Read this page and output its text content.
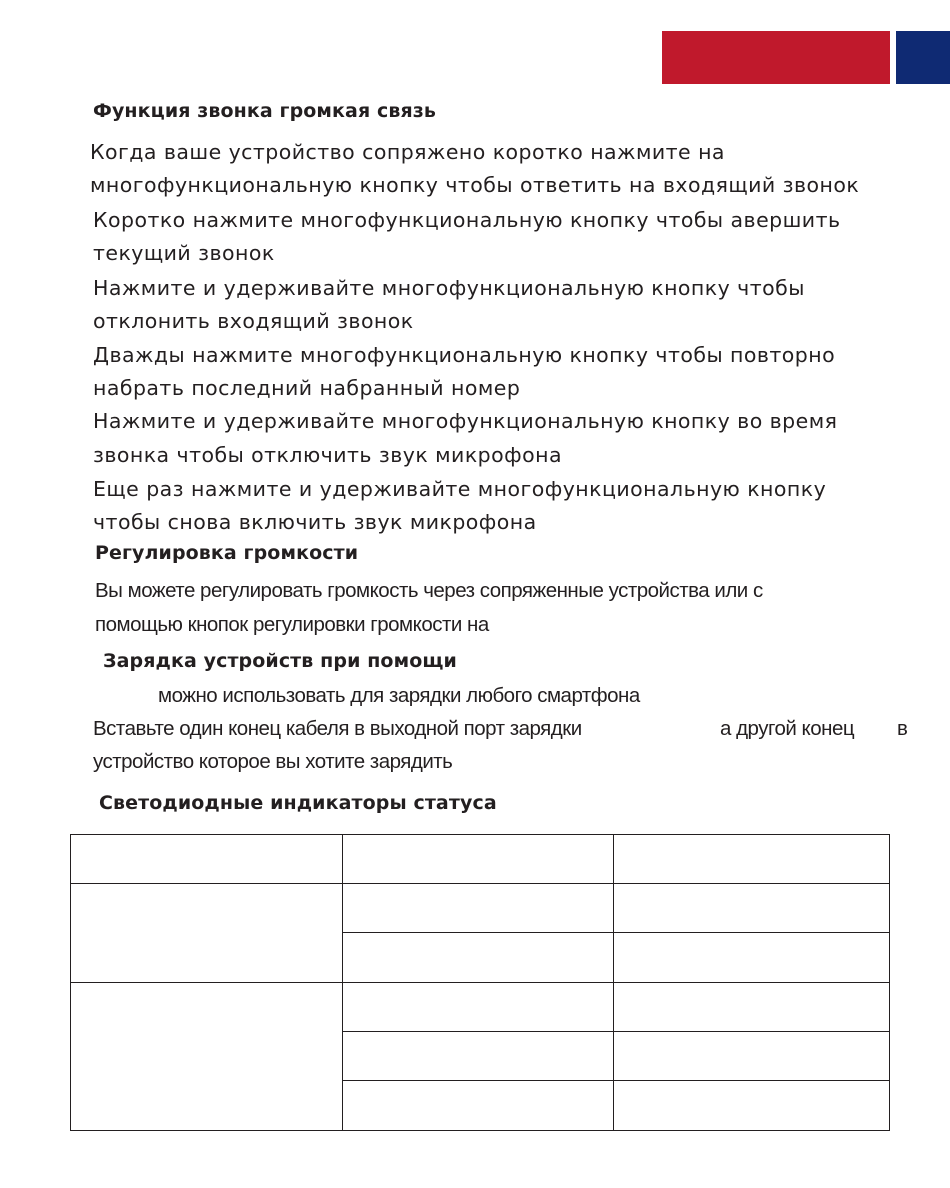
Функция звонка громкая связь

Когда ваше устройство сопряжено коротко нажмите на

многофункциональную кнопку чтобы ответить на входящий звонок

Коротко нажмите многофункциональную кнопку чтобы авершить

текущий звонок

Нажмите и удерживайте многофункциональную кнопку чтобы

отклонить входящий звонок

Дважды нажмите многофункциональную кнопку чтобы повторно

набрать последний набранный номер

Нажмите и удерживайте многофункциональную кнопку во время

звонка чтобы отключить звук микрофона

Еще раз нажмите и удерживайте многофункциональную кнопку

чтобы снова включить звук микрофона

Регулировка громкости

Вы можете регулировать громкость через сопряженные устройства или с

помощью кнопок регулировки громкости на

Зарядка устройств при помощи

можно использовать для зарядки любого смартфона

Вставьте один конец кабеля в выходной порт зарядки	а другой конец в

устройство которое вы хотите зарядить

Светодиодные индикаторы статуса
